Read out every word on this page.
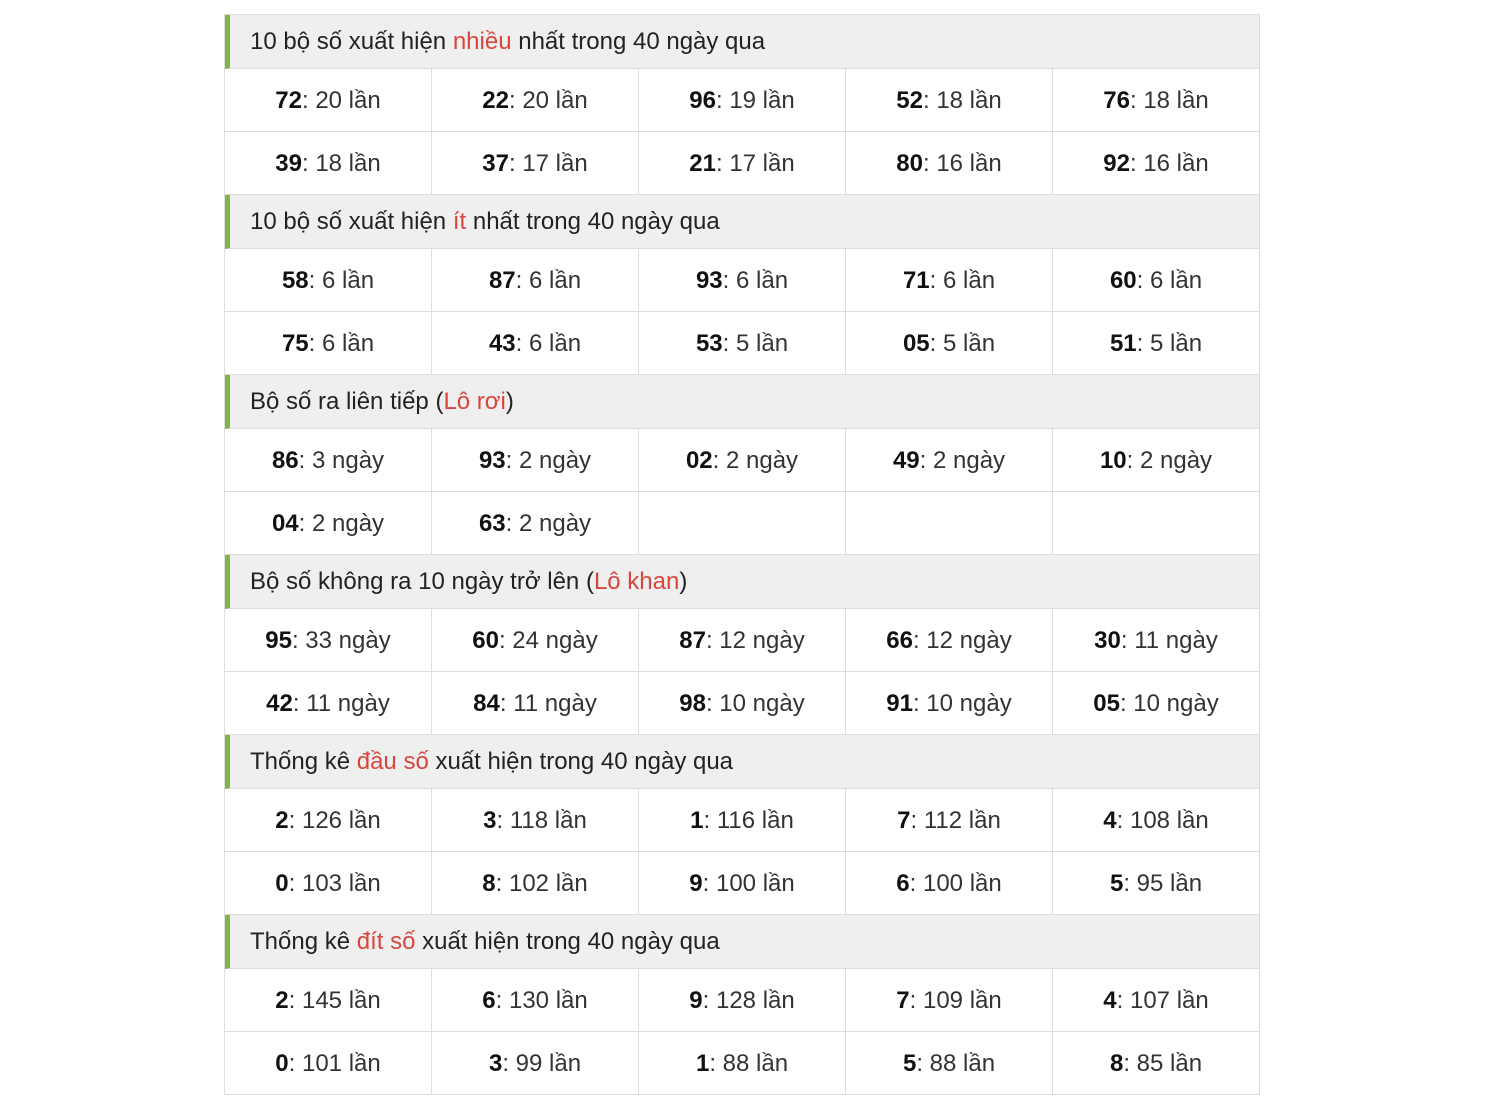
10 bộ số xuất hiện nhiều nhất trong 40 ngày qua
72: 20 lần	22: 20 lần	96: 19 lần	52: 18 lần	76: 18 lần
39: 18 lần	37: 17 lần	21: 17 lần	80: 16 lần	92: 16 lần
10 bộ số xuất hiện ít nhất trong 40 ngày qua
58: 6 lần	87: 6 lần	93: 6 lần	71: 6 lần	60: 6 lần
75: 6 lần	43: 6 lần	53: 5 lần	05: 5 lần	51: 5 lần
Bộ số ra liên tiếp (Lô rơi)
86: 3 ngày	93: 2 ngày	02: 2 ngày	49: 2 ngày	10: 2 ngày
04: 2 ngày	63: 2 ngày
Bộ số không ra 10 ngày trở lên (Lô khan)
95: 33 ngày	60: 24 ngày	87: 12 ngày	66: 12 ngày	30: 11 ngày
42: 11 ngày	84: 11 ngày	98: 10 ngày	91: 10 ngày	05: 10 ngày
Thống kê đầu số xuất hiện trong 40 ngày qua
2: 126 lần	3: 118 lần	1: 116 lần	7: 112 lần	4: 108 lần
0: 103 lần	8: 102 lần	9: 100 lần	6: 100 lần	5: 95 lần
Thống kê đít số xuất hiện trong 40 ngày qua
2: 145 lần	6: 130 lần	9: 128 lần	7: 109 lần	4: 107 lần
0: 101 lần	3: 99 lần	1: 88 lần	5: 88 lần	8: 85 lần
